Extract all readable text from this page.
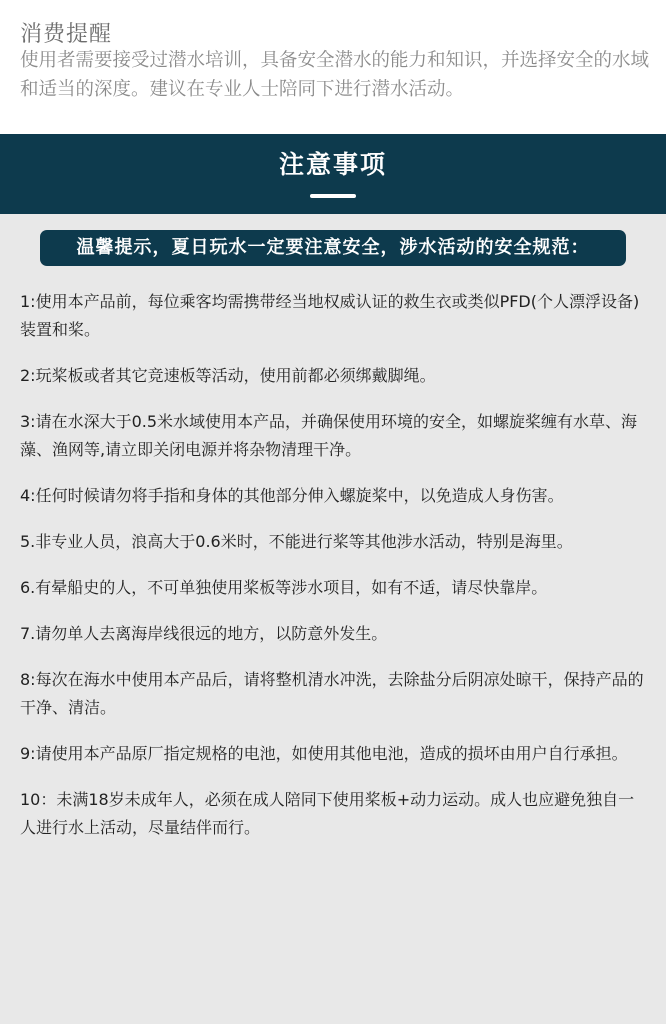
消费提醒
使用者需要接受过潜水培训，具备安全潜水的能力和知识，并选择安全的水域和适当的深度。建议在专业人士陪同下进行潜水活动。
注意事项
温馨提示，夏日玩水一定要注意安全，涉水活动的安全规范：
1:使用本产品前，每位乘客均需携带经当地权威认证的救生衣或类似PFD(个人漂浮设备)装置和桨。
2:玩桨板或者其它竞速板等活动，使用前都必须绑戴脚绳。
3:请在水深大于0.5米水域使用本产品，并确保使用环境的安全，如螺旋桨缠有水草、海藻、渔网等,请立即关闭电源并将杂物清理干净。
4:任何时候请勿将手指和身体的其他部分伸入螺旋桨中，以免造成人身伤害。
5.非专业人员，浪高大于0.6米时，不能进行桨等其他涉水活动，特别是海里。
6.有晕船史的人，不可单独使用桨板等涉水项目，如有不适，请尽快靠岸。
7.请勿单人去离海岸线很远的地方，以防意外发生。
8:每次在海水中使用本产品后，请将整机清水冲洗，去除盐分后阴凉处晾干，保持产品的干净、清洁。
9:请使用本产品原厂指定规格的电池，如使用其他电池，造成的损坏由用户自行承担。
10：未满18岁未成年人，必须在成人陪同下使用桨板+动力运动。成人也应避免独自一人进行水上活动，尽量结伴而行。
